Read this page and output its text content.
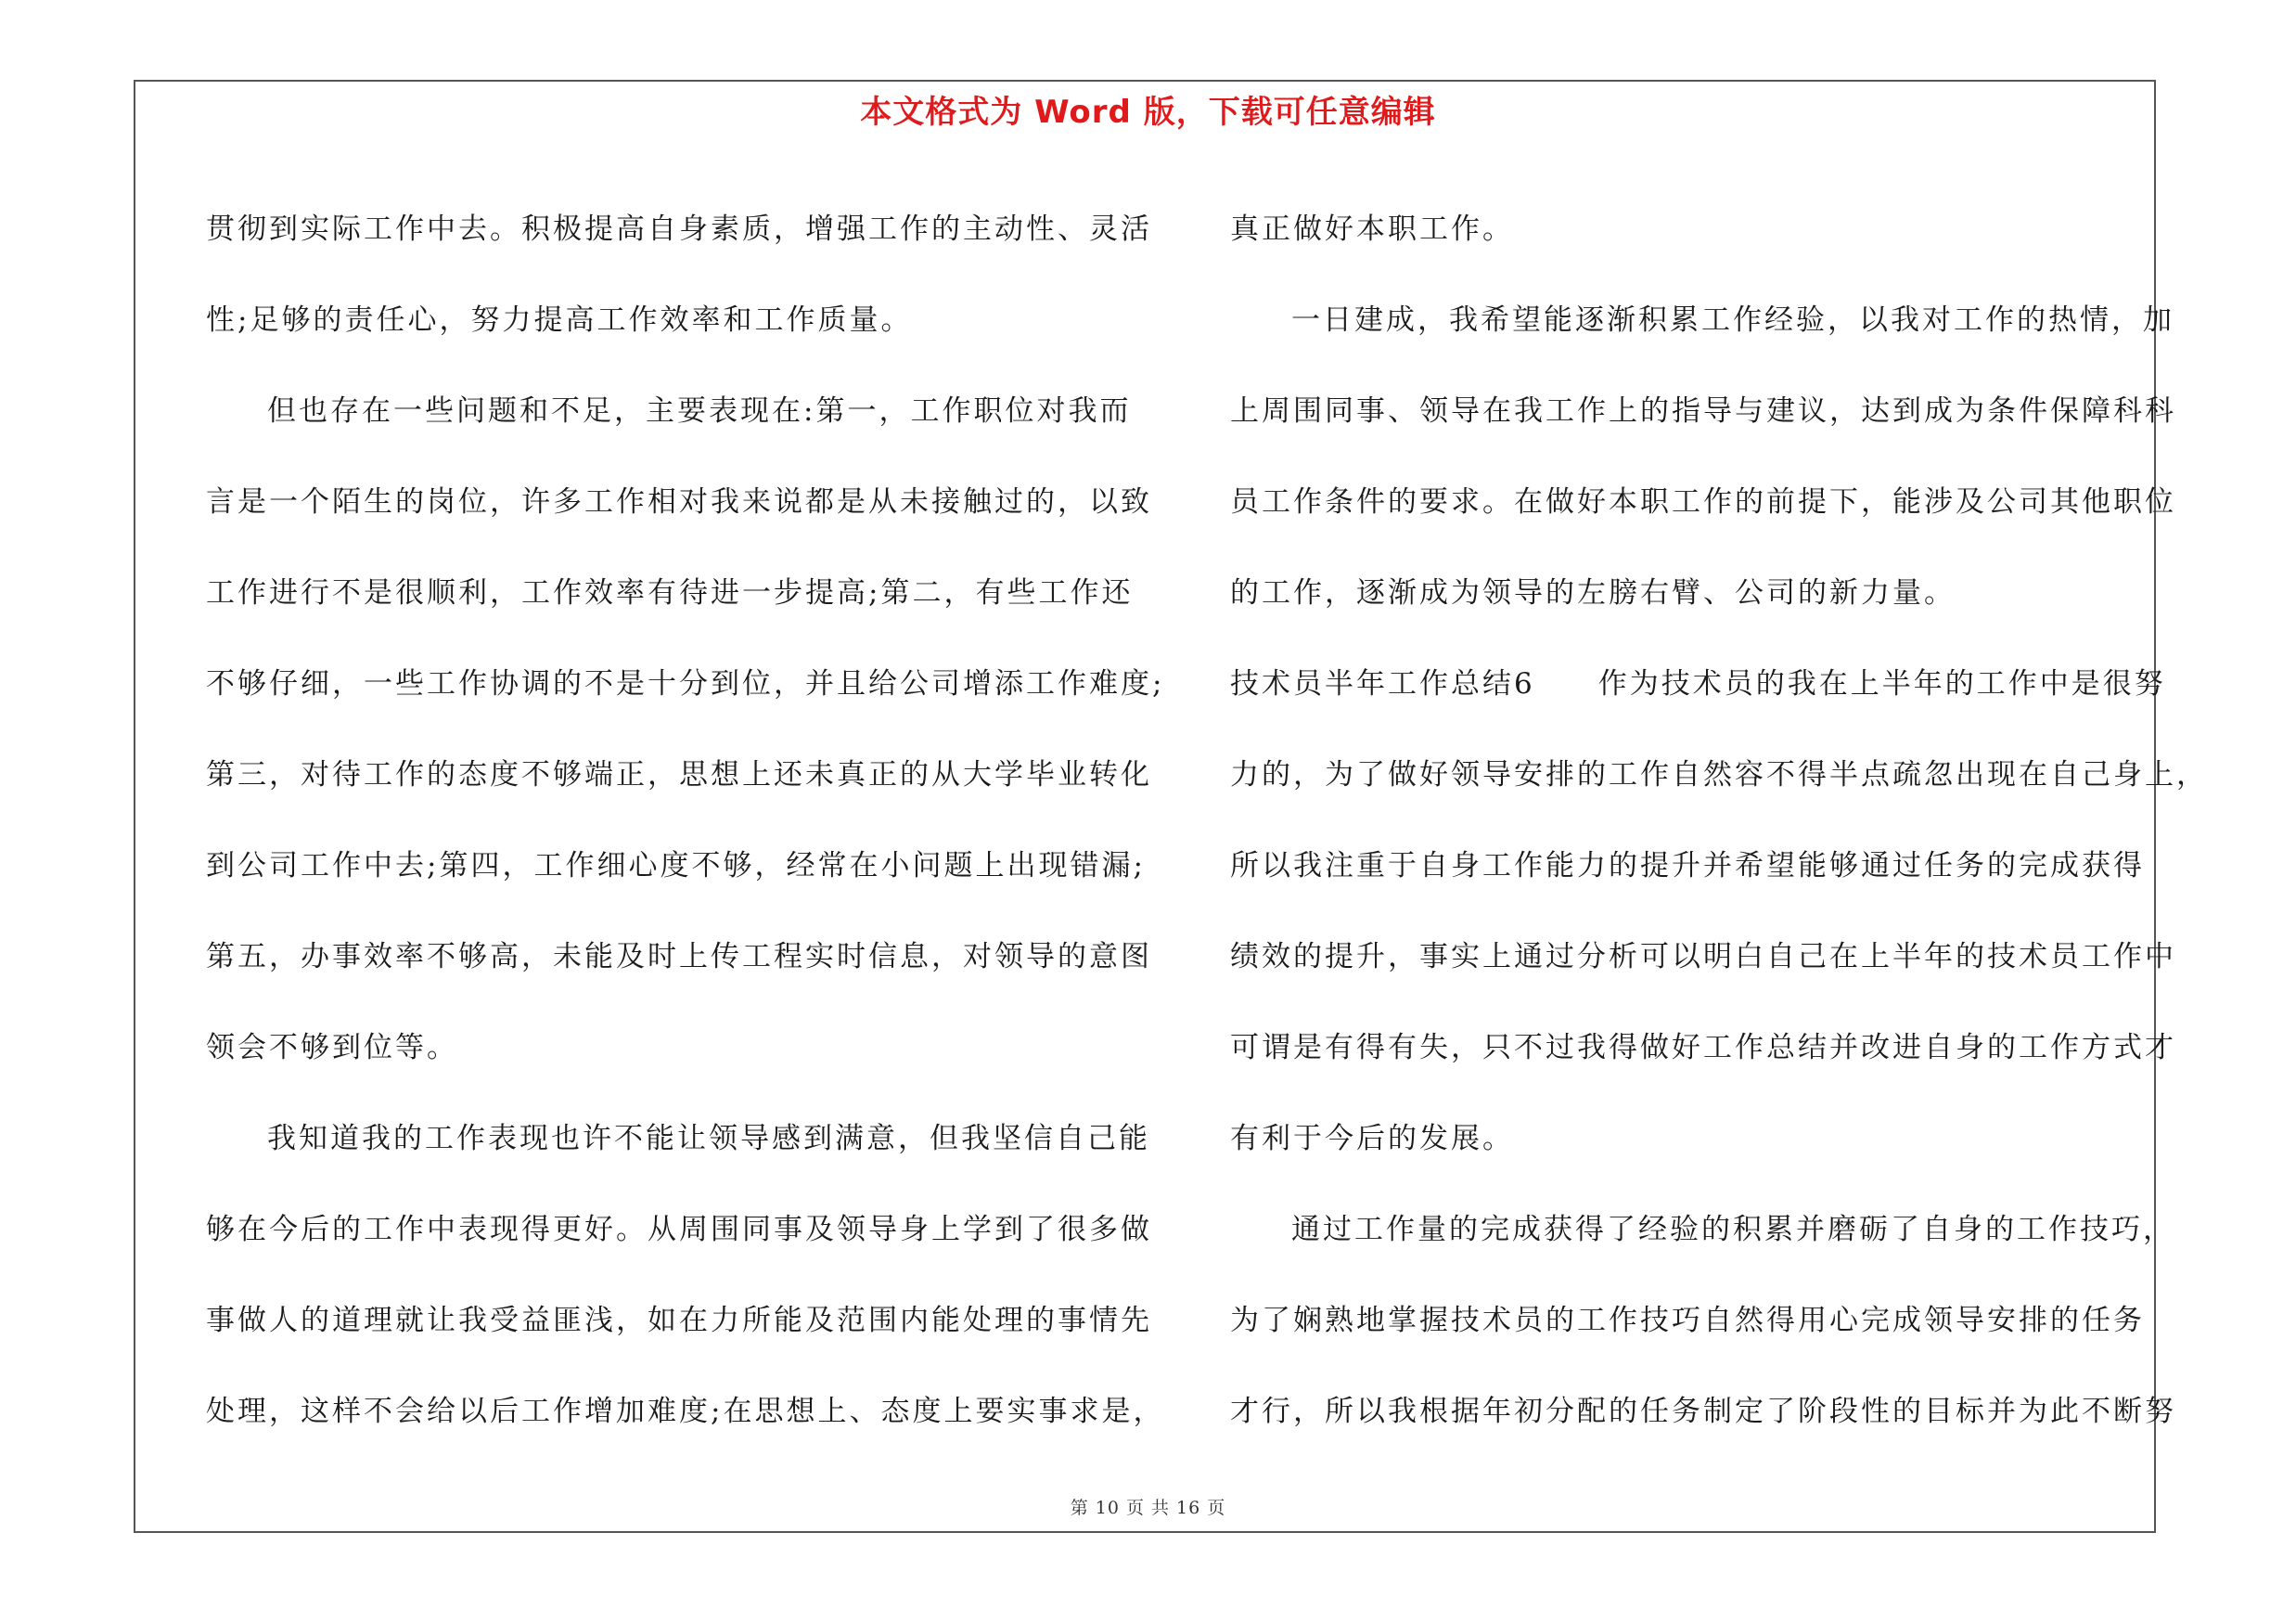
本文格式为 Word 版，下载可任意编辑
贯彻到实际工作中去。积极提高自身素质，增强工作的主动性、灵活
性;足够的责任心，努力提高工作效率和工作质量。
但也存在一些问题和不足，主要表现在:第一，工作职位对我而
言是一个陌生的岗位，许多工作相对我来说都是从未接触过的，以致
工作进行不是很顺利，工作效率有待进一步提高;第二，有些工作还
不够仔细，一些工作协调的不是十分到位，并且给公司增添工作难度;
第三，对待工作的态度不够端正，思想上还未真正的从大学毕业转化
到公司工作中去;第四，工作细心度不够，经常在小问题上出现错漏;
第五，办事效率不够高，未能及时上传工程实时信息，对领导的意图
领会不够到位等。
我知道我的工作表现也许不能让领导感到满意，但我坚信自己能
够在今后的工作中表现得更好。从周围同事及领导身上学到了很多做
事做人的道理就让我受益匪浅，如在力所能及范围内能处理的事情先
处理，这样不会给以后工作增加难度;在思想上、态度上要实事求是，
真正做好本职工作。
一日建成，我希望能逐渐积累工作经验，以我对工作的热情，加
上周围同事、领导在我工作上的指导与建议，达到成为条件保障科科
员工作条件的要求。在做好本职工作的前提下，能涉及公司其他职位
的工作，逐渐成为领导的左膀右臂、公司的新力量。
技术员半年工作总结6　　作为技术员的我在上半年的工作中是很努
力的，为了做好领导安排的工作自然容不得半点疏忽出现在自己身上，
所以我注重于自身工作能力的提升并希望能够通过任务的完成获得
绩效的提升，事实上通过分析可以明白自己在上半年的技术员工作中
可谓是有得有失，只不过我得做好工作总结并改进自身的工作方式才
有利于今后的发展。
通过工作量的完成获得了经验的积累并磨砺了自身的工作技巧，
为了娴熟地掌握技术员的工作技巧自然得用心完成领导安排的任务
才行，所以我根据年初分配的任务制定了阶段性的目标并为此不断努
第 10 页 共 16 页
